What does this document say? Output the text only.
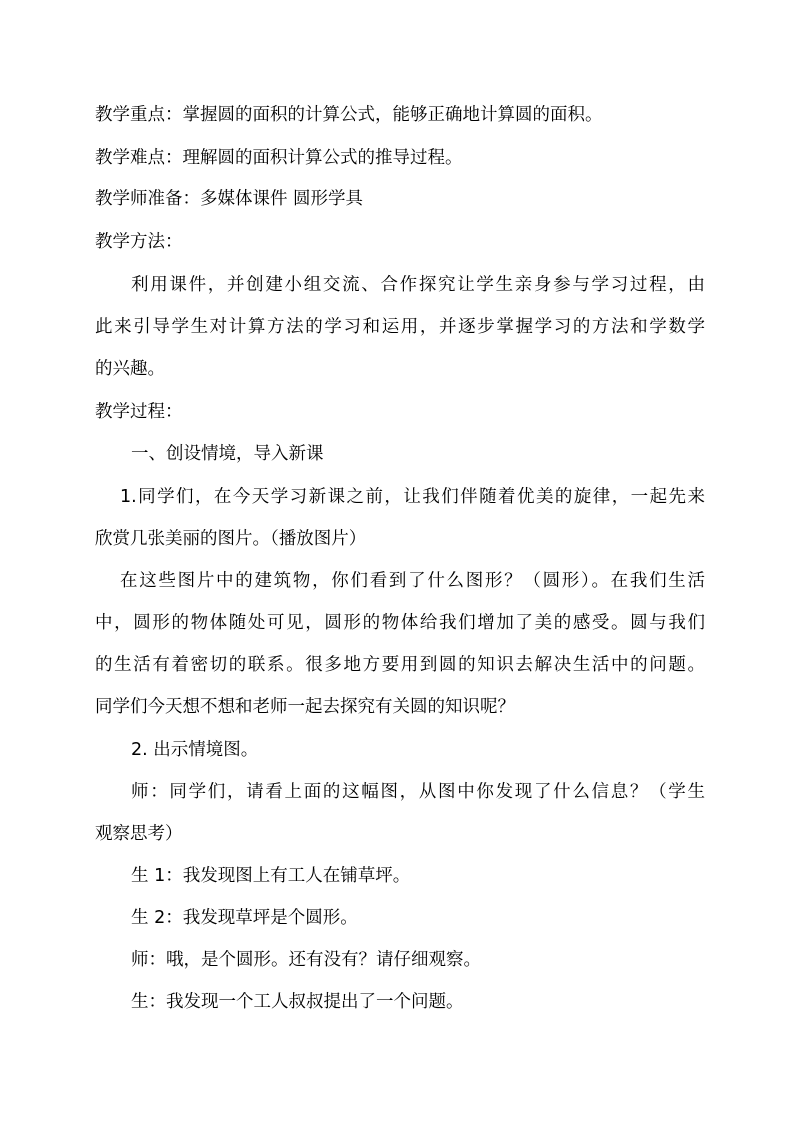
教学重点：掌握圆的面积的计算公式，能够正确地计算圆的面积。
教学难点：理解圆的面积计算公式的推导过程。
教学师准备：多媒体课件 圆形学具
教学方法：
利用课件，并创建小组交流、合作探究让学生亲身参与学习过程，由
此来引导学生对计算方法的学习和运用，并逐步掌握学习的方法和学数学
的兴趣。
教学过程：
一、创设情境，导入新课
1.同学们，在今天学习新课之前，让我们伴随着优美的旋律，一起先来
欣赏几张美丽的图片。（播放图片）
在这些图片中的建筑物，你们看到了什么图形？（圆形）。在我们生活
中，圆形的物体随处可见，圆形的物体给我们增加了美的感受。圆与我们
的生活有着密切的联系。很多地方要用到圆的知识去解决生活中的问题。
同学们今天想不想和老师一起去探究有关圆的知识呢？
2. 出示情境图。
师：同学们，请看上面的这幅图，从图中你发现了什么信息？（学生
观察思考）
生 1：我发现图上有工人在铺草坪。
生 2：我发现草坪是个圆形。
师：哦，是个圆形。还有没有？请仔细观察。
生：我发现一个工人叔叔提出了一个问题。
